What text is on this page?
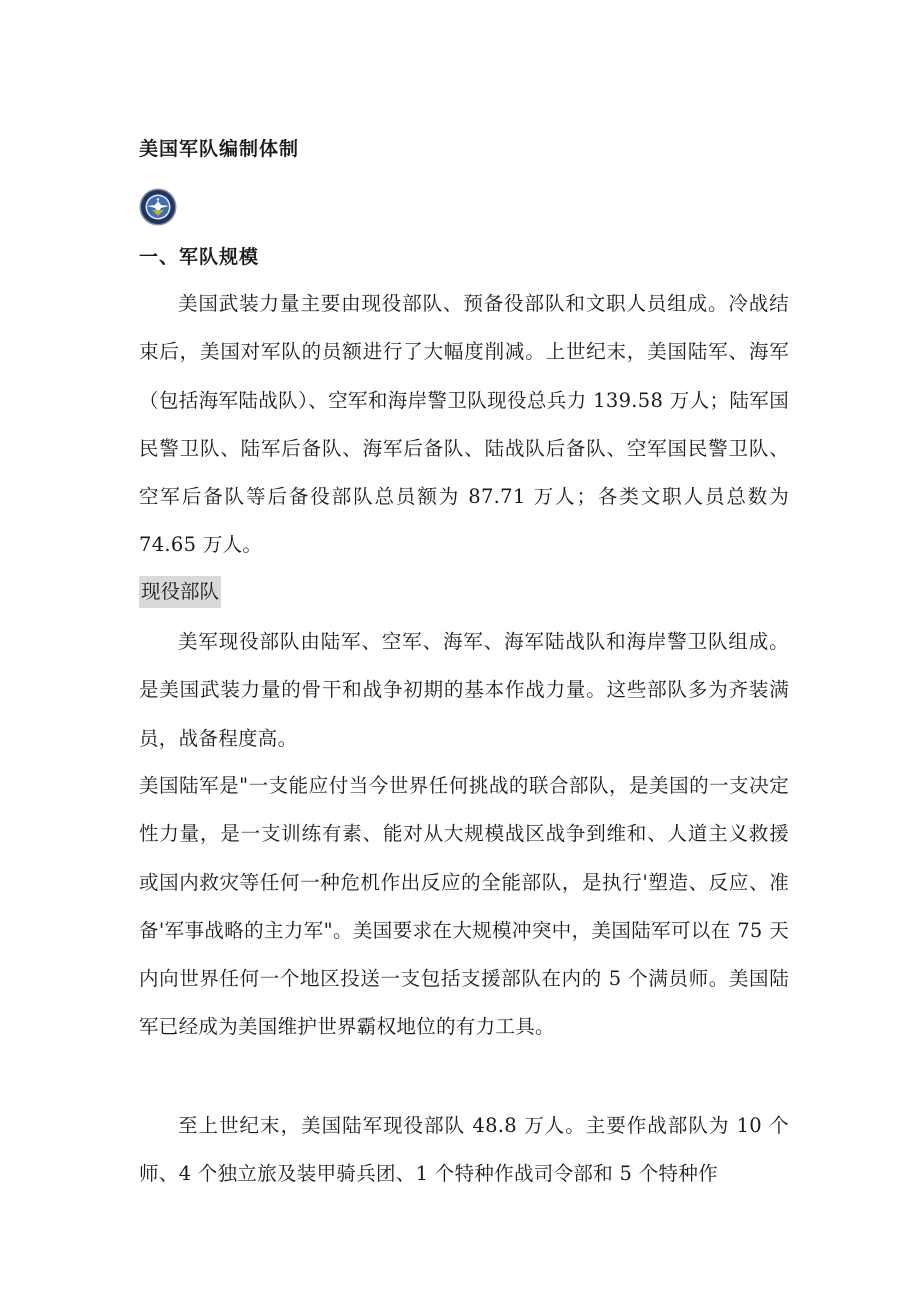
美国军队编制体制
一、军队规模

美国武装力量主要由现役部队、预备役部队和文职人员组成。冷战结束后，美国对军队的员额进行了大幅度削减。上世纪末，美国陆军、海军（包括海军陆战队）、空军和海岸警卫队现役总兵力 139.58 万人；陆军国民警卫队、陆军后备队、海军后备队、陆战队后备队、空军国民警卫队、空军后备队等后备役部队总员额为 87.71 万人；各类文职人员总数为 74.65 万人。

现役部队

美军现役部队由陆军、空军、海军、海军陆战队和海岸警卫队组成。是美国武装力量的骨干和战争初期的基本作战力量。这些部队多为齐装满员，战备程度高。

美国陆军是"一支能应付当今世界任何挑战的联合部队，是美国的一支决定性力量，是一支训练有素、能对从大规模战区战争到维和、人道主义救援或国内救灾等任何一种危机作出反应的全能部队，是执行'塑造、反应、准备'军事战略的主力军"。美国要求在大规模冲突中，美国陆军可以在 75 天内向世界任何一个地区投送一支包括支援部队在内的 5 个满员师。美国陆军已经成为美国维护世界霸权地位的有力工具。

至上世纪末，美国陆军现役部队 48.8 万人。主要作战部队为 10 个师、4 个独立旅及装甲骑兵团、1 个特种作战司令部和 5 个特种作
